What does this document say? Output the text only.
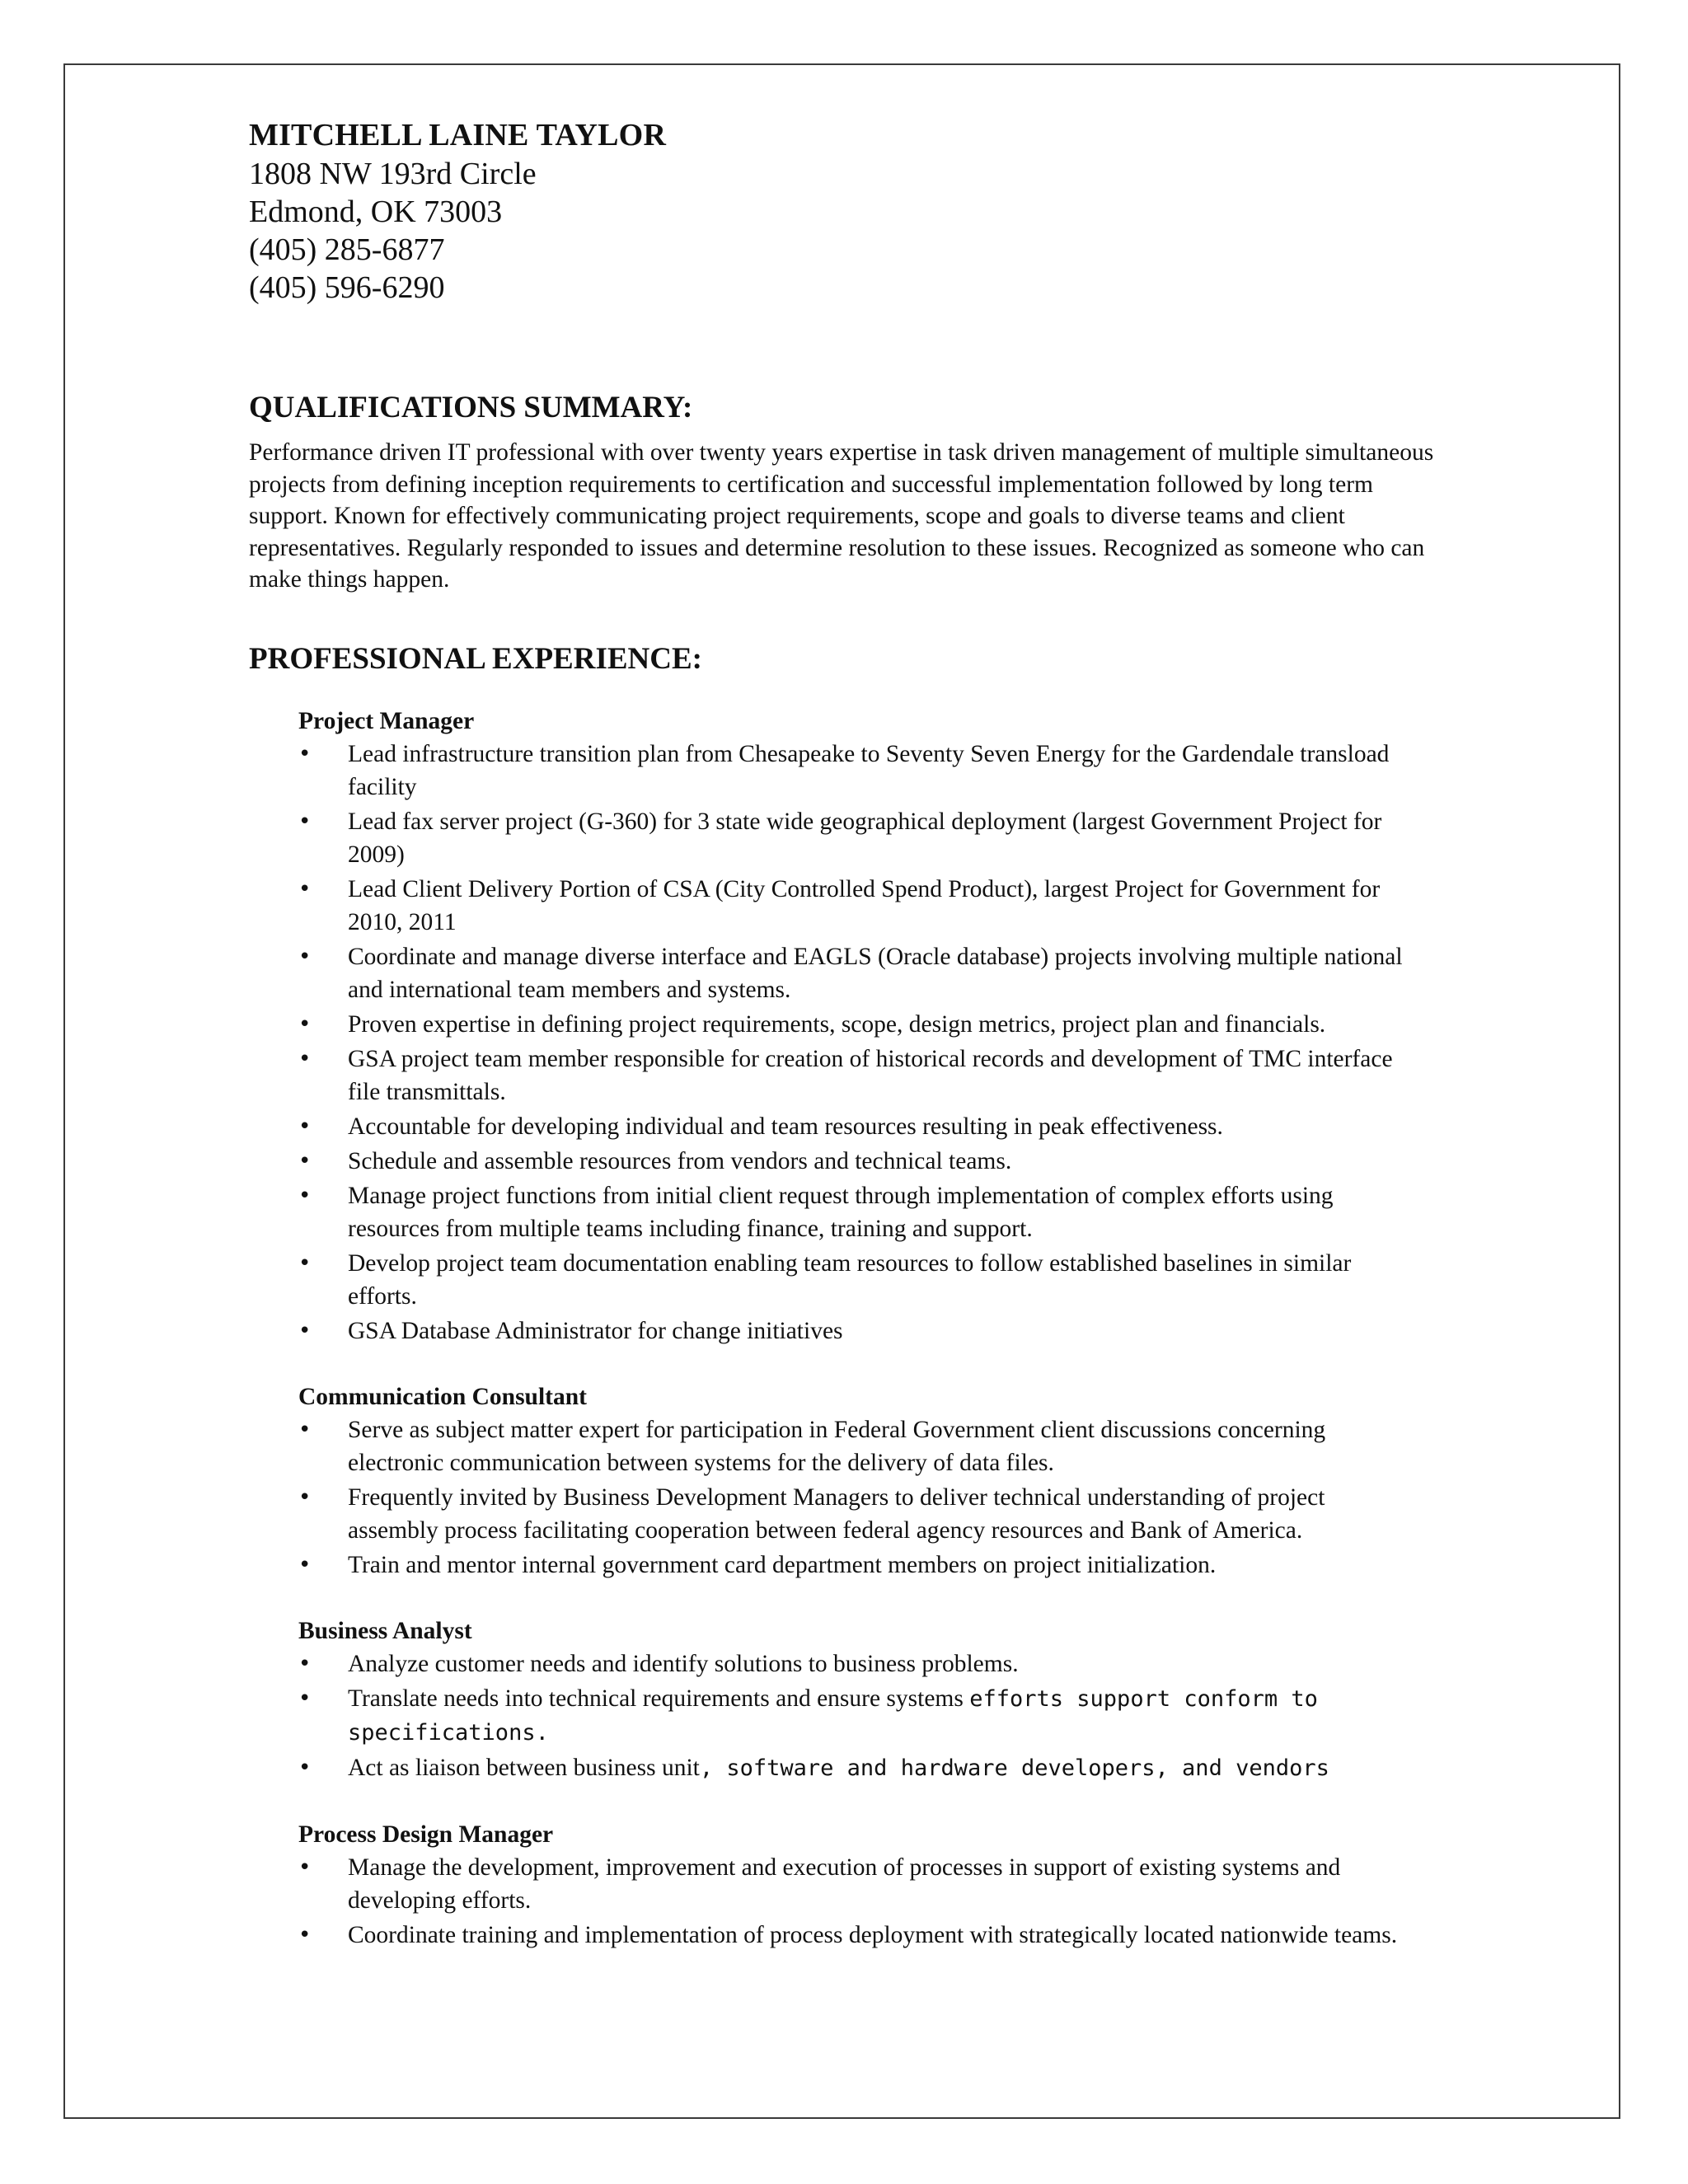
MITCHELL LAINE TAYLOR

1808 NW 193rd Circle

Edmond, OK 73003

(405) 285-6877

(405) 596-6290

QUALIFICATIONS SUMMARY:

Performance driven IT professional with over twenty years expertise in task driven management of multiple simultaneous projects from defining inception requirements to certification and successful implementation followed by long term support. Known for effectively communicating project requirements, scope and goals to diverse teams and client representatives. Regularly responded to issues and determine resolution to these issues. Recognized as someone who can make things happen.

PROFESSIONAL EXPERIENCE:

Project Manager

• Lead infrastructure transition plan from Chesapeake to Seventy Seven Energy for the Gardendale transload facility
• Lead fax server project (G-360) for 3 state wide geographical deployment (largest Government Project for 2009)
• Lead Client Delivery Portion of CSA (City Controlled Spend Product), largest Project for Government for 2010, 2011
• Coordinate and manage diverse interface and EAGLS (Oracle database) projects involving multiple national and international team members and systems.
• Proven expertise in defining project requirements, scope, design metrics, project plan and financials.
• GSA project team member responsible for creation of historical records and development of TMC interface file transmittals.
• Accountable for developing individual and team resources resulting in peak effectiveness.
• Schedule and assemble resources from vendors and technical teams.
• Manage project functions from initial client request through implementation of complex efforts using resources from multiple teams including finance, training and support.
• Develop project team documentation enabling team resources to follow established baselines in similar efforts.
• GSA Database Administrator for change initiatives

Communication Consultant

• Serve as subject matter expert for participation in Federal Government client discussions concerning electronic communication between systems for the delivery of data files.
• Frequently invited by Business Development Managers to deliver technical understanding of project assembly process facilitating cooperation between federal agency resources and Bank of America.
• Train and mentor internal government card department members on project initialization.

Business Analyst

• Analyze customer needs and identify solutions to business problems.
• Translate needs into technical requirements and ensure systems efforts support conform to specifications.
• Act as liaison between business unit, software and hardware developers, and vendors

Process Design Manager

• Manage the development, improvement and execution of processes in support of existing systems and developing efforts.
• Coordinate training and implementation of process deployment with strategically located nationwide teams.
